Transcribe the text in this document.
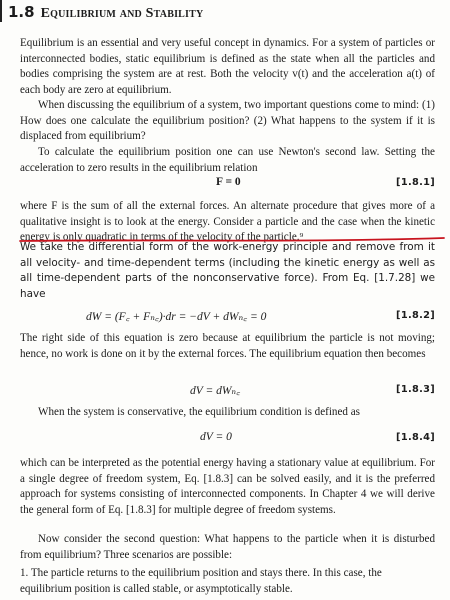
1.8 Equilibrium and Stability

Equilibrium is an essential and very useful concept in dynamics. For a system of particles or interconnected bodies, static equilibrium is defined as the state when all the particles and bodies comprising the system are at rest. Both the velocity v(t) and the acceleration a(t) of each body are zero at equilibrium.

When discussing the equilibrium of a system, two important questions come to mind: (1) How does one calculate the equilibrium position? (2) What happens to the system if it is displaced from equilibrium?

To calculate the equilibrium position one can use Newton's second law. Setting the acceleration to zero results in the equilibrium relation

F = 0	[1.8.1]

where F is the sum of all the external forces. An alternate procedure that gives more of a qualitative insight is to look at the energy. Consider a particle and the case when the kinetic energy is only quadratic in terms of the velocity of the particle.⁹

We take the differential form of the work-energy principle and remove from it all velocity- and time-dependent terms (including the kinetic energy as well as all time-dependent parts of the nonconservative force). From Eq. [1.7.28] we have

dW = (F꜀ + Fₙ꜀)·dr = −dV + dWₙ꜀ = 0	[1.8.2]

The right side of this equation is zero because at equilibrium the particle is not moving; hence, no work is done on it by the external forces. The equilibrium equation then becomes

dV = dWₙ꜀	[1.8.3]

When the system is conservative, the equilibrium condition is defined as

dV = 0	[1.8.4]

which can be interpreted as the potential energy having a stationary value at equilibrium. For a single degree of freedom system, Eq. [1.8.3] can be solved easily, and it is the preferred approach for systems consisting of interconnected components. In Chapter 4 we will derive the general form of Eq. [1.8.3] for multiple degree of freedom systems.

Now consider the second question: What happens to the particle when it is disturbed from equilibrium? Three scenarios are possible:

1. The particle returns to the equilibrium position and stays there. In this case, the equilibrium position is called stable, or asymptotically stable.
